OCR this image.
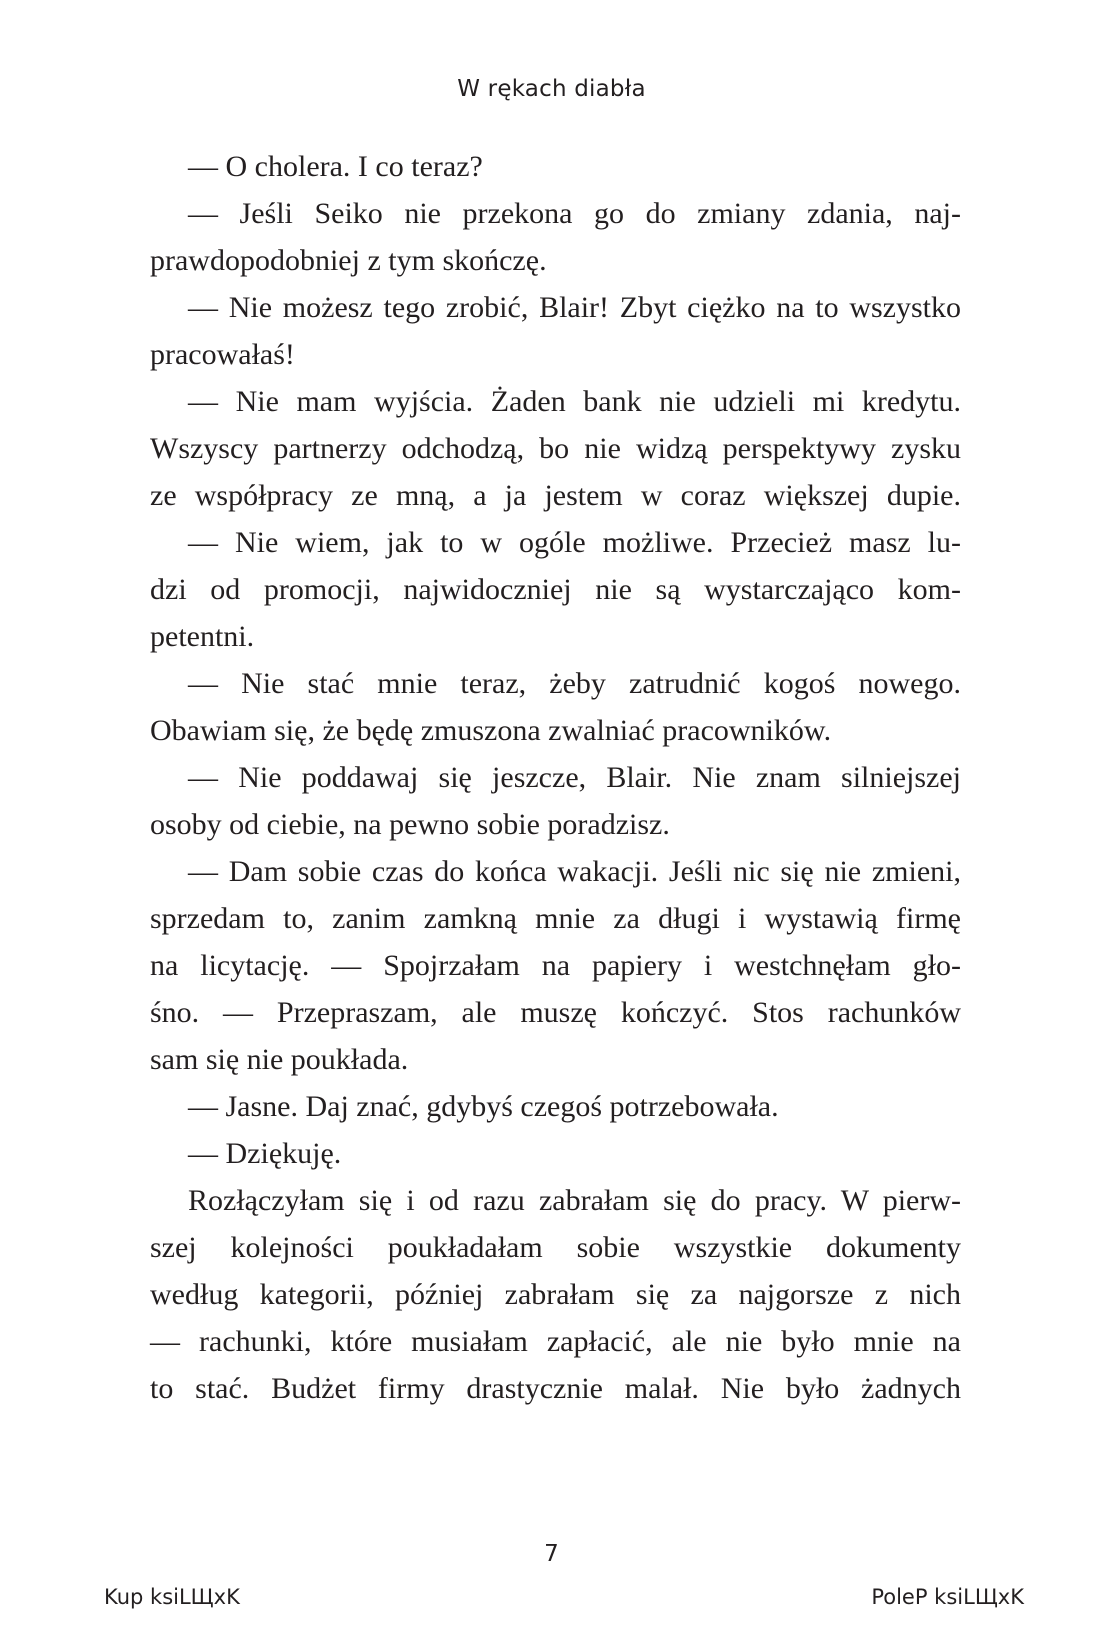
W rękach diabła
— O cholera. I co teraz?
— Jeśli Seiko nie przekona go do zmiany zdania, naj-
prawdopodobniej z tym skończę.
— Nie możesz tego zrobić, Blair! Zbyt ciężko na to wszystko
pracowałaś!
— Nie mam wyjścia. Żaden bank nie udzieli mi kredytu.
Wszyscy partnerzy odchodzą, bo nie widzą perspektywy zysku
ze współpracy ze mną, a ja jestem w coraz większej dupie.
— Nie wiem, jak to w ogóle możliwe. Przecież masz lu-
dzi od promocji, najwidoczniej nie są wystarczająco kom-
petentni.
— Nie stać mnie teraz, żeby zatrudnić kogoś nowego.
Obawiam się, że będę zmuszona zwalniać pracowników.
— Nie poddawaj się jeszcze, Blair. Nie znam silniejszej
osoby od ciebie, na pewno sobie poradzisz.
— Dam sobie czas do końca wakacji. Jeśli nic się nie zmieni,
sprzedam to, zanim zamkną mnie za długi i wystawią firmę
na licytację. — Spojrzałam na papiery i westchnęłam gło-
śno. — Przepraszam, ale muszę kończyć. Stos rachunków
sam się nie poukłada.
— Jasne. Daj znać, gdybyś czegoś potrzebowała.
— Dziękuję.
Rozłączyłam się i od razu zabrałam się do pracy. W pierw-
szej kolejności poukładałam sobie wszystkie dokumenty
według kategorii, później zabrałam się za najgorsze z nich
— rachunki, które musiałam zapłacić, ale nie było mnie na
to stać. Budżet firmy drastycznie malał. Nie było żadnych
7
Kup ksiLЩxK	PoleP ksiLЩxK
